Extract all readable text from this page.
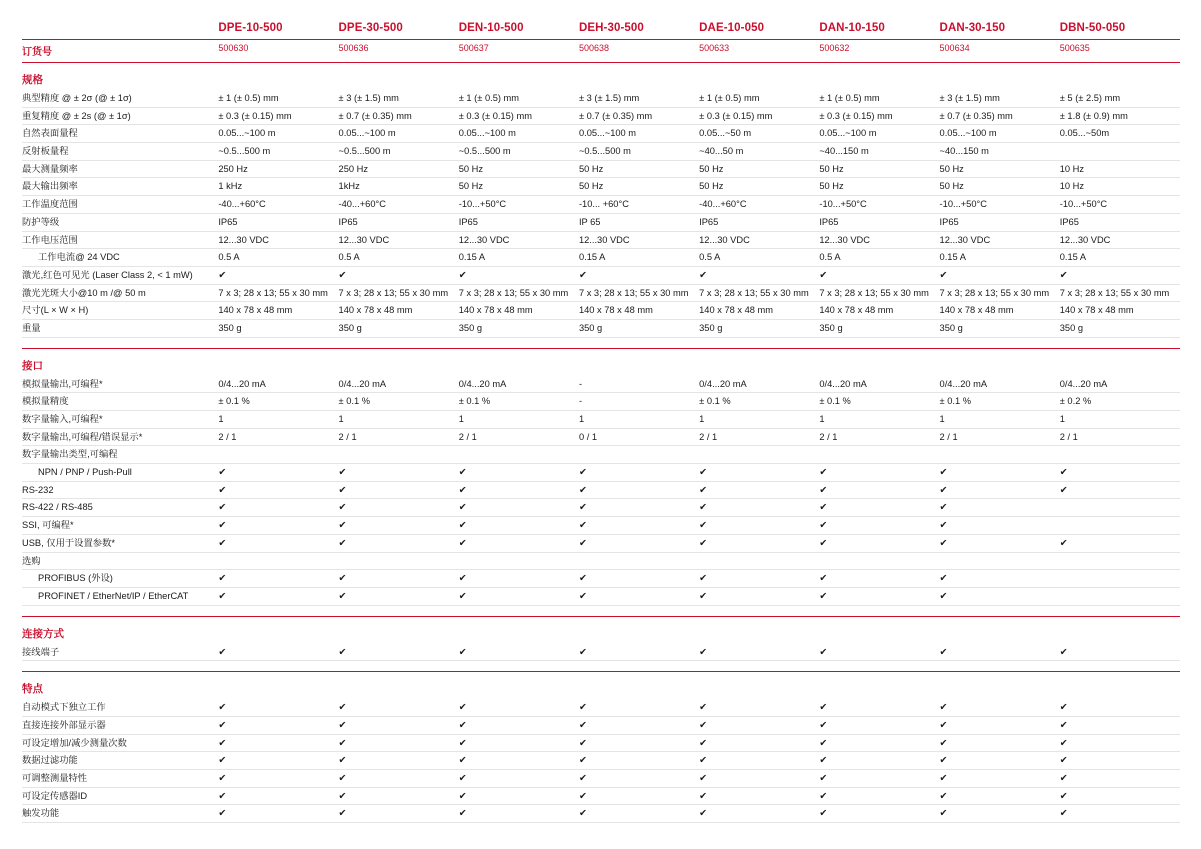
	DPE-10-500	DPE-30-500	DEN-10-500	DEH-30-500	DAE-10-050	DAN-10-150	DAN-30-150	DBN-50-050

订货号	500630	500636	500637	500638	500633	500632	500634	500635

规格								
典型精度 @ ± 2σ (@ ± 1σ)	± 1 (± 0.5) mm	± 3 (± 1.5) mm	± 1 (± 0.5) mm	± 3 (± 1.5) mm	± 1 (± 0.5) mm	± 1 (± 0.5) mm	± 3 (± 1.5) mm	± 5 (± 2.5) mm
重复精度 @ ± 2s (@ ± 1σ)	± 0.3 (± 0.15) mm	± 0.7 (± 0.35) mm	± 0.3 (± 0.15) mm	± 0.7 (± 0.35) mm	± 0.3 (± 0.15) mm	± 0.3 (± 0.15) mm	± 0.7 (± 0.35) mm	± 1.8 (± 0.9) mm
自然表面量程	0.05...~100 m	0.05...~100 m	0.05...~100 m	0.05...~100 m	0.05...~50 m	0.05...~100 m	0.05...~100 m	0.05...~50m
反射板量程	~0.5...500 m	~0.5...500 m	~0.5...500 m	~0.5...500 m	~40...50 m	~40...150 m	~40...150 m	
最大测量频率	250 Hz	250 Hz	50 Hz	50 Hz	50 Hz	50 Hz	50 Hz	10 Hz
最大输出频率	1 kHz	1kHz	50 Hz	50 Hz	50 Hz	50 Hz	50 Hz	10 Hz
工作温度范围	-40...+60°C	-40...+60°C	-10...+50°C	-10... +60°C	-40...+60°C	-10...+50°C	-10...+50°C	-10...+50°C
防护等级	IP65	IP65	IP65	IP 65	IP65	IP65	IP65	IP65
工作电压范围	12...30 VDC	12...30 VDC	12...30 VDC	12...30 VDC	12...30 VDC	12...30 VDC	12...30 VDC	12...30 VDC
工作电流@ 24 VDC	0.5 A	0.5 A	0.15 A	0.15 A	0.5 A	0.5 A	0.15 A	0.15 A
激光,红色可见光 (Laser Class 2, < 1 mW)	✔	✔	✔	✔	✔	✔	✔	✔
激光光斑大小@10 m /@ 50 m	7 x 3; 28 x 13; 55 x 30 mm	7 x 3; 28 x 13; 55 x 30 mm	7 x 3; 28 x 13; 55 x 30 mm	7 x 3; 28 x 13; 55 x 30 mm	7 x 3; 28 x 13; 55 x 30 mm	7 x 3; 28 x 13; 55 x 30 mm	7 x 3; 28 x 13; 55 x 30 mm	7 x 3; 28 x 13; 55 x 30 mm
尺寸(L × W × H)	140 x 78 x 48 mm	140 x 78 x 48 mm	140 x 78 x 48 mm	140 x 78 x 48 mm	140 x 78 x 48 mm	140 x 78 x 48 mm	140 x 78 x 48 mm	140 x 78 x 48 mm
重量	350 g	350 g	350 g	350 g	350 g	350 g	350 g	350 g

接口								
模拟量输出,可编程*	0/4...20 mA	0/4...20 mA	0/4...20 mA	-	0/4...20 mA	0/4...20 mA	0/4...20 mA	0/4...20 mA
模拟量精度	± 0.1 %	± 0.1 %	± 0.1 %	-	± 0.1 %	± 0.1 %	± 0.1 %	± 0.2 %
数字量输入,可编程*	1	1	1	1	1	1	1	1
数字量输出,可编程/错误显示*	2 / 1	2 / 1	2 / 1	0 / 1	2 / 1	2 / 1	2 / 1	2 / 1
数字量输出类型,可编程								
NPN / PNP / Push-Pull	✔	✔	✔	✔	✔	✔	✔	✔
RS-232	✔	✔	✔	✔	✔	✔	✔	✔
RS-422 / RS-485	✔	✔	✔	✔	✔	✔	✔	
SSI, 可编程*	✔	✔	✔	✔	✔	✔	✔	
USB, 仅用于设置参数*	✔	✔	✔	✔	✔	✔	✔	✔
选购								
PROFIBUS (外设)	✔	✔	✔	✔	✔	✔	✔	
PROFINET / EtherNet/IP / EtherCAT	✔	✔	✔	✔	✔	✔	✔	

连接方式								
接线端子	✔	✔	✔	✔	✔	✔	✔	✔

特点								
自动模式下独立工作	✔	✔	✔	✔	✔	✔	✔	✔
直接连接外部显示器	✔	✔	✔	✔	✔	✔	✔	✔
可设定增加/减少测量次数	✔	✔	✔	✔	✔	✔	✔	✔
数据过滤功能	✔	✔	✔	✔	✔	✔	✔	✔
可调整测量特性	✔	✔	✔	✔	✔	✔	✔	✔
可设定传感器ID	✔	✔	✔	✔	✔	✔	✔	✔
触发功能	✔	✔	✔	✔	✔	✔	✔	✔
